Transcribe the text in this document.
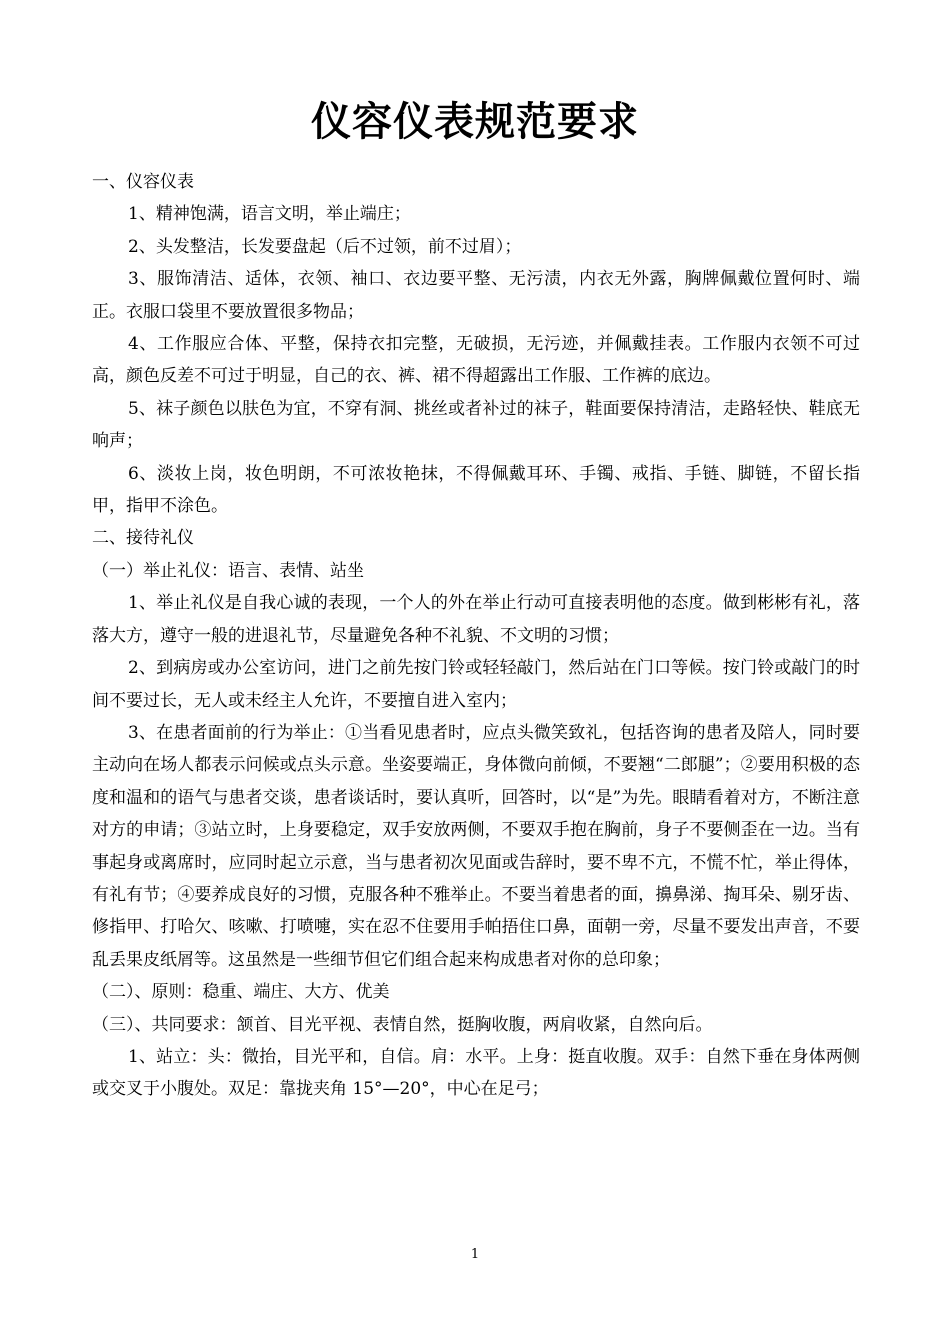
仪容仪表规范要求

一、仪容仪表

1、精神饱满，语言文明，举止端庄；

2、头发整洁，长发要盘起（后不过领，前不过眉）；

3、服饰清洁、适体，衣领、袖口、衣边要平整、无污渍，内衣无外露，胸牌佩戴位置何时、端正。衣服口袋里不要放置很多物品；

4、工作服应合体、平整，保持衣扣完整，无破损，无污迹，并佩戴挂表。工作服内衣领不可过高，颜色反差不可过于明显，自己的衣、裤、裙不得超露出工作服、工作裤的底边。

5、袜子颜色以肤色为宜，不穿有洞、挑丝或者补过的袜子，鞋面要保持清洁，走路轻快、鞋底无响声；

6、淡妆上岗，妆色明朗，不可浓妆艳抹，不得佩戴耳环、手镯、戒指、手链、脚链，不留长指甲，指甲不涂色。

二、接待礼仪

（一）举止礼仪：语言、表情、站坐

1、举止礼仪是自我心诚的表现，一个人的外在举止行动可直接表明他的态度。做到彬彬有礼，落落大方，遵守一般的进退礼节，尽量避免各种不礼貌、不文明的习惯；

2、到病房或办公室访问，进门之前先按门铃或轻轻敲门，然后站在门口等候。按门铃或敲门的时间不要过长，无人或未经主人允许，不要擅自进入室内；

3、在患者面前的行为举止：①当看见患者时，应点头微笑致礼，包括咨询的患者及陪人，同时要主动向在场人都表示问候或点头示意。坐姿要端正，身体微向前倾，不要翘“二郎腿”；②要用积极的态度和温和的语气与患者交谈，患者谈话时，要认真听，回答时，以“是”为先。眼睛看着对方，不断注意对方的申请；③站立时，上身要稳定，双手安放两侧，不要双手抱在胸前，身子不要侧歪在一边。当有事起身或离席时，应同时起立示意，当与患者初次见面或告辞时，要不卑不亢，不慌不忙，举止得体，有礼有节；④要养成良好的习惯，克服各种不雅举止。不要当着患者的面，擤鼻涕、掏耳朵、剔牙齿、修指甲、打哈欠、咳嗽、打喷嚏，实在忍不住要用手帕捂住口鼻，面朝一旁，尽量不要发出声音，不要乱丢果皮纸屑等。这虽然是一些细节但它们组合起来构成患者对你的总印象；

（二）、原则：稳重、端庄、大方、优美

（三）、共同要求：颔首、目光平视、表情自然，挺胸收腹，两肩收紧，自然向后。

1、站立：头：微抬，目光平和，自信。肩：水平。上身：挺直收腹。双手：自然下垂在身体两侧或交叉于小腹处。双足：靠拢夹角 15°—20°，中心在足弓；

1
